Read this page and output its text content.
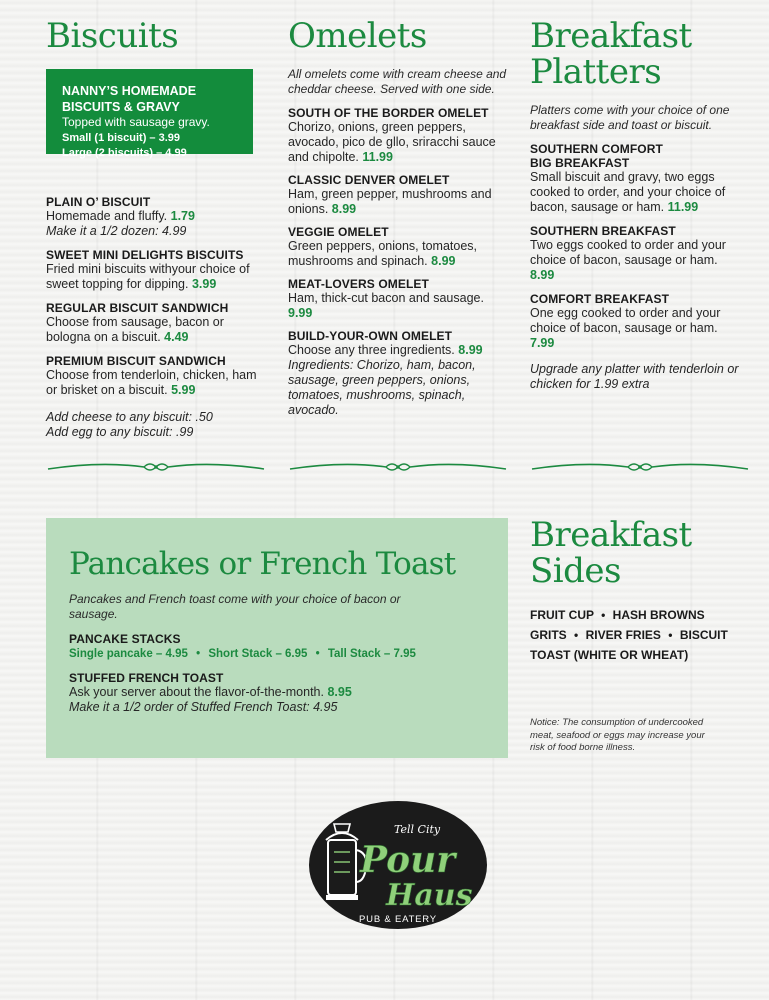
Biscuits
NANNY’S HOMEMADE
BISCUITS & GRAVY
Topped with sausage gravy.
Small (1 biscuit) – 3.99
Large (2 biscuits) – 4.99
PLAIN O’ BISCUIT
Homemade and fluffy. 1.79
Make it a 1/2 dozen: 4.99
SWEET MINI DELIGHTS BISCUITS
Fried mini biscuits withyour choice of sweet topping for dipping. 3.99
REGULAR BISCUIT SANDWICH
Choose from sausage, bacon or bologna on a biscuit. 4.49
PREMIUM BISCUIT SANDWICH
Choose from tenderloin, chicken, ham or brisket on a biscuit. 5.99
Add cheese to any biscuit: .50
Add egg to any biscuit: .99
Omelets

All omelets come with cream cheese and cheddar cheese. Served with one side.

SOUTH OF THE BORDER OMELET
Chorizo, onions, green peppers, avocado, pico de gllo, sriracchi sauce and chipolte. 11.99
CLASSIC DENVER OMELET
Ham, green pepper, mushrooms and onions. 8.99
VEGGIE OMELET
Green peppers, onions, tomatoes, mushrooms and spinach. 8.99
MEAT-LOVERS OMELET
Ham, thick-cut bacon and sausage. 9.99
BUILD-YOUR-OWN OMELET
Choose any three ingredients. 8.99
Ingredients: Chorizo, ham, bacon, sausage, green peppers, onions, tomatoes, mushrooms, spinach, avocado.
Breakfast
Platters

Platters come with your choice of one breakfast side and toast or biscuit.

SOUTHERN COMFORT BIG BREAKFAST
Small biscuit and gravy, two eggs cooked to order, and your choice of bacon, sausage or ham. 11.99
SOUTHERN BREAKFAST
Two eggs cooked to order and your choice of bacon, sausage or ham. 8.99
COMFORT BREAKFAST
One egg cooked to order and your choice of bacon, sausage or ham. 7.99
Upgrade any platter with tenderloin or chicken for 1.99 extra
Pancakes or French Toast

Pancakes and French toast come with your choice of bacon or sausage.

PANCAKE STACKS
Single pancake – 4.95 • Short Stack – 6.95 • Tall Stack – 7.95
STUFFED FRENCH TOAST
Ask your server about the flavor-of-the-month. 8.95
Make it a 1/2 order of Stuffed French Toast: 4.95
Breakfast
Sides
FRUIT CUP • HASH BROWNS
GRITS • RIVER FRIES • BISCUIT
TOAST (WHITE OR WHEAT)
Notice: The consumption of undercooked meat, seafood or eggs may increase your risk of food borne illness.
Tell City
Pour
Haus
PUB & EATERY
